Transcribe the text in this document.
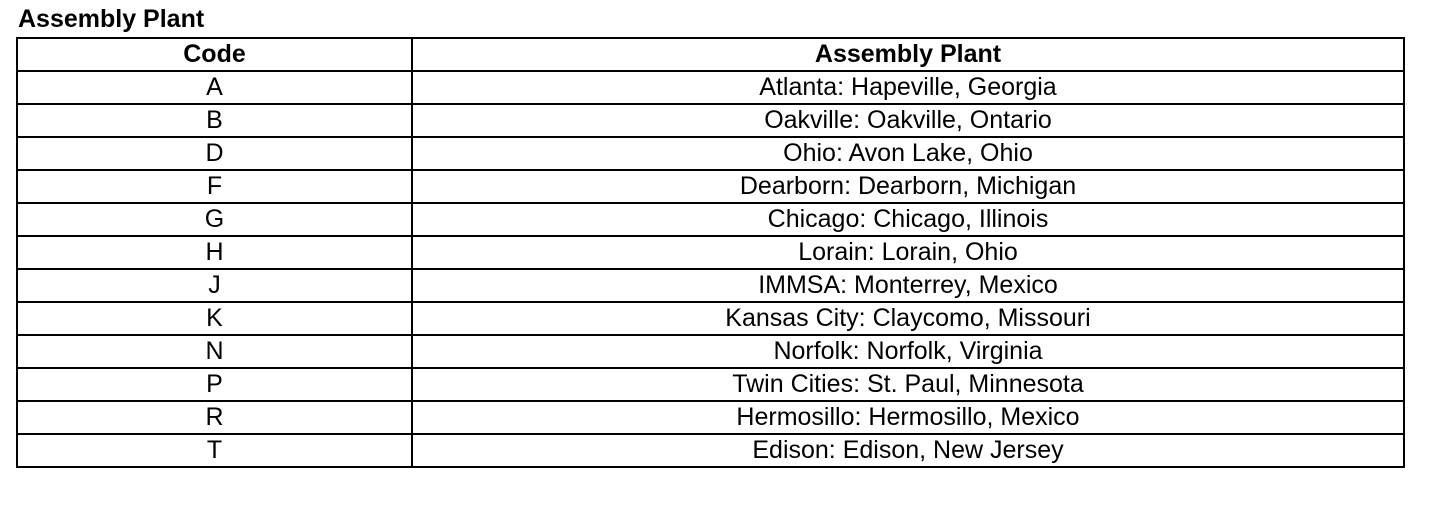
Assembly Plant
Code	Assembly Plant
A	Atlanta: Hapeville, Georgia
B	Oakville: Oakville, Ontario
D	Ohio: Avon Lake, Ohio
F	Dearborn: Dearborn, Michigan
G	Chicago: Chicago, Illinois
H	Lorain: Lorain, Ohio
J	IMMSA: Monterrey, Mexico
K	Kansas City: Claycomo, Missouri
N	Norfolk: Norfolk, Virginia
P	Twin Cities: St. Paul, Minnesota
R	Hermosillo: Hermosillo, Mexico
T	Edison: Edison, New Jersey
